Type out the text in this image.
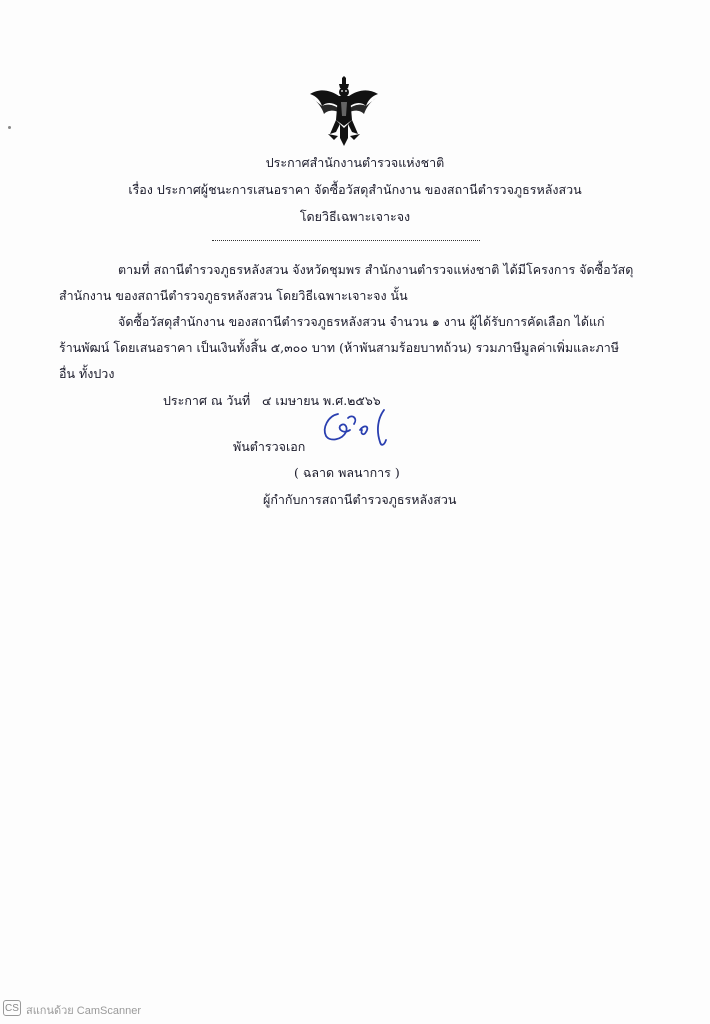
ประกาศสำนักงานตำรวจแห่งชาติ
เรื่อง ประกาศผู้ชนะการเสนอราคา จัดซื้อวัสดุสำนักงาน ของสถานีตำรวจภูธรหลังสวน
โดยวิธีเฉพาะเจาะจง
ตามที่ สถานีตำรวจภูธรหลังสวน จังหวัดชุมพร สำนักงานตำรวจแห่งชาติ ได้มีโครงการ จัดซื้อวัสดุ
สำนักงาน ของสถานีตำรวจภูธรหลังสวน โดยวิธีเฉพาะเจาะจง นั้น
จัดซื้อวัสดุสำนักงาน ของสถานีตำรวจภูธรหลังสวน จำนวน ๑ งาน ผู้ได้รับการคัดเลือก ได้แก่
ร้านพัฒน์ โดยเสนอราคา เป็นเงินทั้งสิ้น ๕,๓๐๐ บาท (ห้าพันสามร้อยบาทถ้วน) รวมภาษีมูลค่าเพิ่มและภาษี
อื่น ทั้งปวง
ประกาศ ณ วันที่ ๔ เมษายน พ.ศ.๒๕๖๖
พันตำรวจเอก
( ฉลาด พลนาการ )
ผู้กำกับการสถานีตำรวจภูธรหลังสวน
CS สแกนด้วย CamScanner
